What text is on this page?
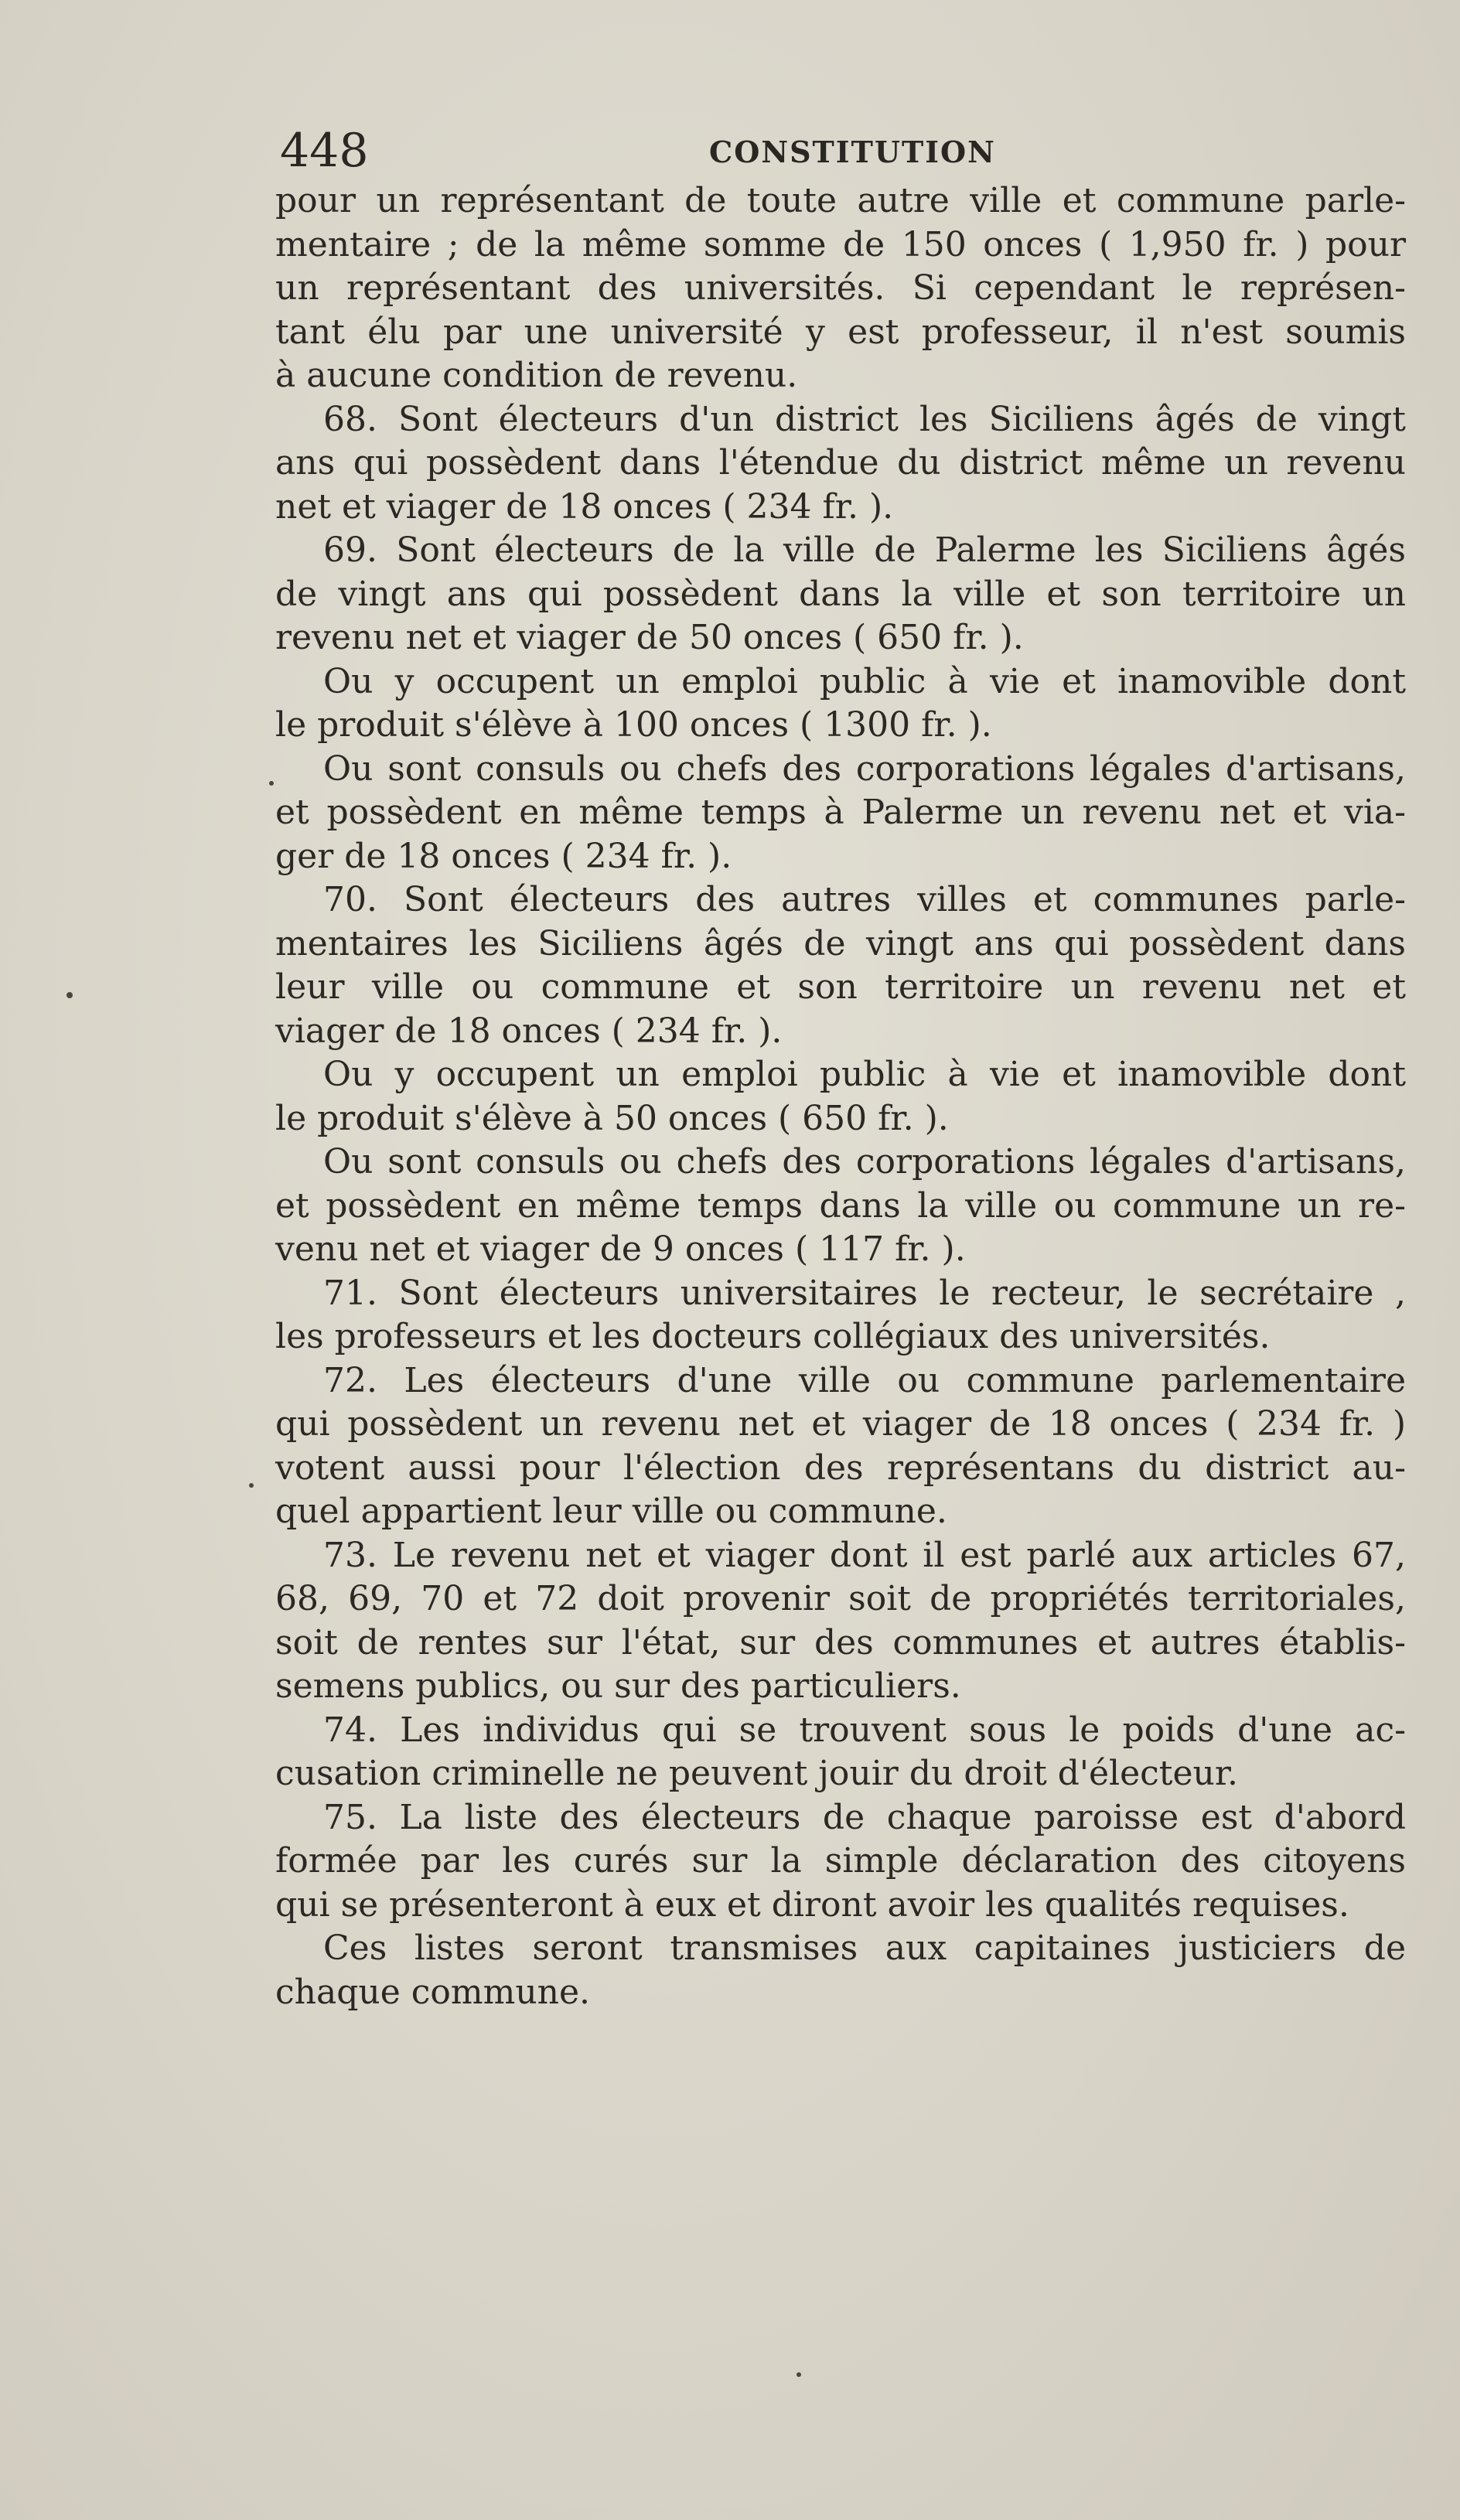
448	CONSTITUTION
pour un représentant de toute autre ville et commune parle-
mentaire ; de la même somme de 150 onces ( 1,950 fr. ) pour
un représentant des universités. Si cependant le représen-
tant élu par une université y est professeur, il n'est soumis
à aucune condition de revenu.
68. Sont électeurs d'un district les Siciliens âgés de vingt
ans qui possèdent dans l'étendue du district même un revenu
net et viager de 18 onces ( 234 fr. ).
69. Sont électeurs de la ville de Palerme les Siciliens âgés
de vingt ans qui possèdent dans la ville et son territoire un
revenu net et viager de 50 onces ( 650 fr. ).
Ou y occupent un emploi public à vie et inamovible dont
le produit s'élève à 100 onces ( 1300 fr. ).
Ou sont consuls ou chefs des corporations légales d'artisans,
et possèdent en même temps à Palerme un revenu net et via-
ger de 18 onces ( 234 fr. ).
70. Sont électeurs des autres villes et communes parle-
mentaires les Siciliens âgés de vingt ans qui possèdent dans
leur ville ou commune et son territoire un revenu net et
viager de 18 onces ( 234 fr. ).
Ou y occupent un emploi public à vie et inamovible dont
le produit s'élève à 50 onces ( 650 fr. ).
Ou sont consuls ou chefs des corporations légales d'artisans,
et possèdent en même temps dans la ville ou commune un re-
venu net et viager de 9 onces ( 117 fr. ).
71. Sont électeurs universitaires le recteur, le secrétaire ,
les professeurs et les docteurs collégiaux des universités.
72. Les électeurs d'une ville ou commune parlementaire
qui possèdent un revenu net et viager de 18 onces ( 234 fr. )
votent aussi pour l'élection des représentans du district au-
quel appartient leur ville ou commune.
73. Le revenu net et viager dont il est parlé aux articles 67,
68, 69, 70 et 72 doit provenir soit de propriétés territoriales,
soit de rentes sur l'état, sur des communes et autres établis-
semens publics, ou sur des particuliers.
74. Les individus qui se trouvent sous le poids d'une ac-
cusation criminelle ne peuvent jouir du droit d'électeur.
75. La liste des électeurs de chaque paroisse est d'abord
formée par les curés sur la simple déclaration des citoyens
qui se présenteront à eux et diront avoir les qualités requises.
Ces listes seront transmises aux capitaines justiciers de
chaque commune.
